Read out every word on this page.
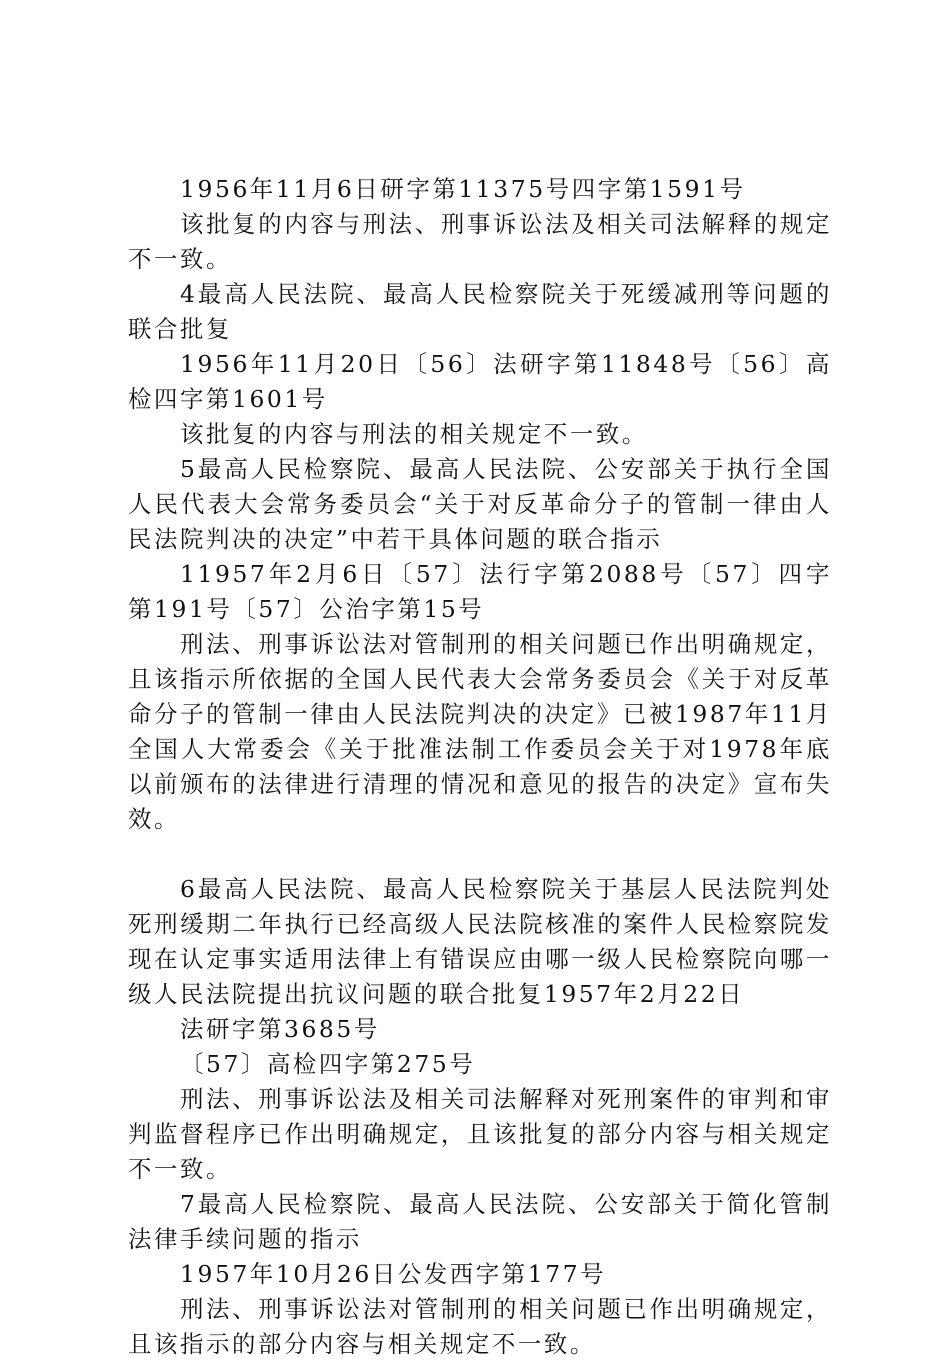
1956年11月6日研字第11375号四字第1591号

该批复的内容与刑法、刑事诉讼法及相关司法解释的规定不一致。

4最高人民法院、最高人民检察院关于死缓减刑等问题的联合批复

1956年11月20日〔56〕法研字第11848号〔56〕高检四字第1601号

该批复的内容与刑法的相关规定不一致。

5最高人民检察院、最高人民法院、公安部关于执行全国人民代表大会常务委员会“关于对反革命分子的管制一律由人民法院判决的决定”中若干具体问题的联合指示

11957年2月6日〔57〕法行字第2088号〔57〕四字第191号〔57〕公治字第15号

刑法、刑事诉讼法对管制刑的相关问题已作出明确规定，且该指示所依据的全国人民代表大会常务委员会《关于对反革命分子的管制一律由人民法院判决的决定》已被1987年11月全国人大常委会《关于批准法制工作委员会关于对1978年底以前颁布的法律进行清理的情况和意见的报告的决定》宣布失效。

6最高人民法院、最高人民检察院关于基层人民法院判处死刑缓期二年执行已经高级人民法院核准的案件人民检察院发现在认定事实适用法律上有错误应由哪一级人民检察院向哪一级人民法院提出抗议问题的联合批复1957年2月22日

法研字第3685号

〔57〕高检四字第275号

刑法、刑事诉讼法及相关司法解释对死刑案件的审判和审判监督程序已作出明确规定，且该批复的部分内容与相关规定不一致。

7最高人民检察院、最高人民法院、公安部关于简化管制法律手续问题的指示

1957年10月26日公发西字第177号

刑法、刑事诉讼法对管制刑的相关问题已作出明确规定，且该指示的部分内容与相关规定不一致。
